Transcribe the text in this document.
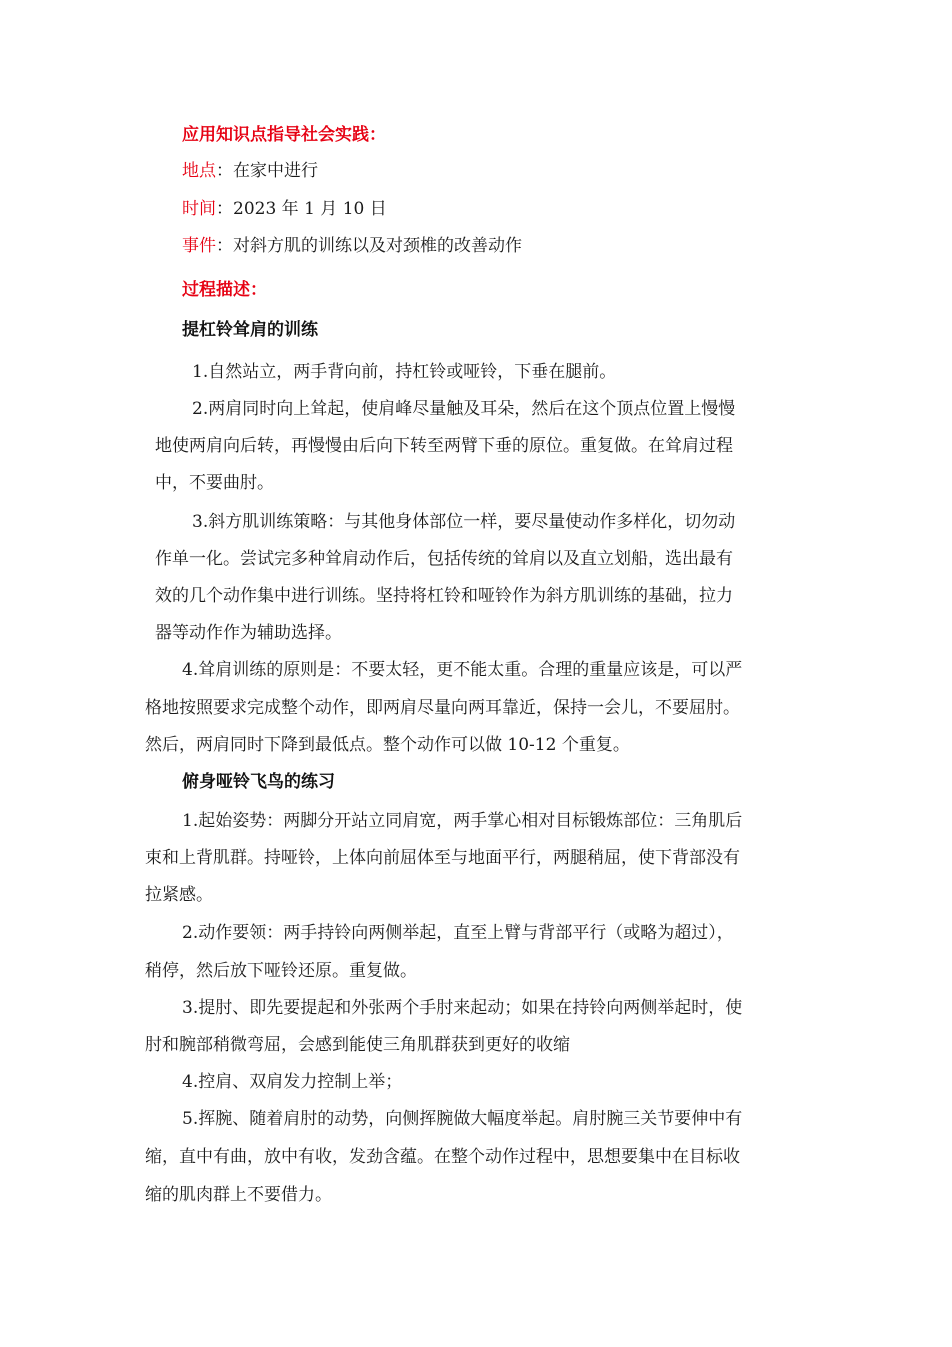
应用知识点指导社会实践：
地点：在家中进行
时间：2023 年 1 月 10 日
事件：对斜方肌的训练以及对颈椎的改善动作
过程描述：
提杠铃耸肩的训练
1.自然站立，两手背向前，持杠铃或哑铃，下垂在腿前。
2.两肩同时向上耸起，使肩峰尽量触及耳朵，然后在这个顶点位置上慢慢
地使两肩向后转，再慢慢由后向下转至两臂下垂的原位。重复做。在耸肩过程
中，不要曲肘。
3.斜方肌训练策略：与其他身体部位一样，要尽量使动作多样化，切勿动
作单一化。尝试完多种耸肩动作后，包括传统的耸肩以及直立划船，选出最有
效的几个动作集中进行训练。坚持将杠铃和哑铃作为斜方肌训练的基础，拉力
器等动作作为辅助选择。
4.耸肩训练的原则是：不要太轻，更不能太重。合理的重量应该是，可以严
格地按照要求完成整个动作，即两肩尽量向两耳靠近，保持一会儿，不要屈肘。
然后，两肩同时下降到最低点。整个动作可以做 10-12 个重复。
俯身哑铃飞鸟的练习
1.起始姿势：两脚分开站立同肩宽，两手掌心相对目标锻炼部位：三角肌后
束和上背肌群。持哑铃，上体向前屈体至与地面平行，两腿稍屈，使下背部没有
拉紧感。
2.动作要领：两手持铃向两侧举起，直至上臂与背部平行（或略为超过），
稍停，然后放下哑铃还原。重复做。
3.提肘、即先要提起和外张两个手肘来起动；如果在持铃向两侧举起时，使
肘和腕部稍微弯屈，会感到能使三角肌群获到更好的收缩
4.控肩、双肩发力控制上举；
5.挥腕、随着肩肘的动势，向侧挥腕做大幅度举起。肩肘腕三关节要伸中有
缩，直中有曲，放中有收，发劲含蕴。在整个动作过程中，思想要集中在目标收
缩的肌肉群上不要借力。
